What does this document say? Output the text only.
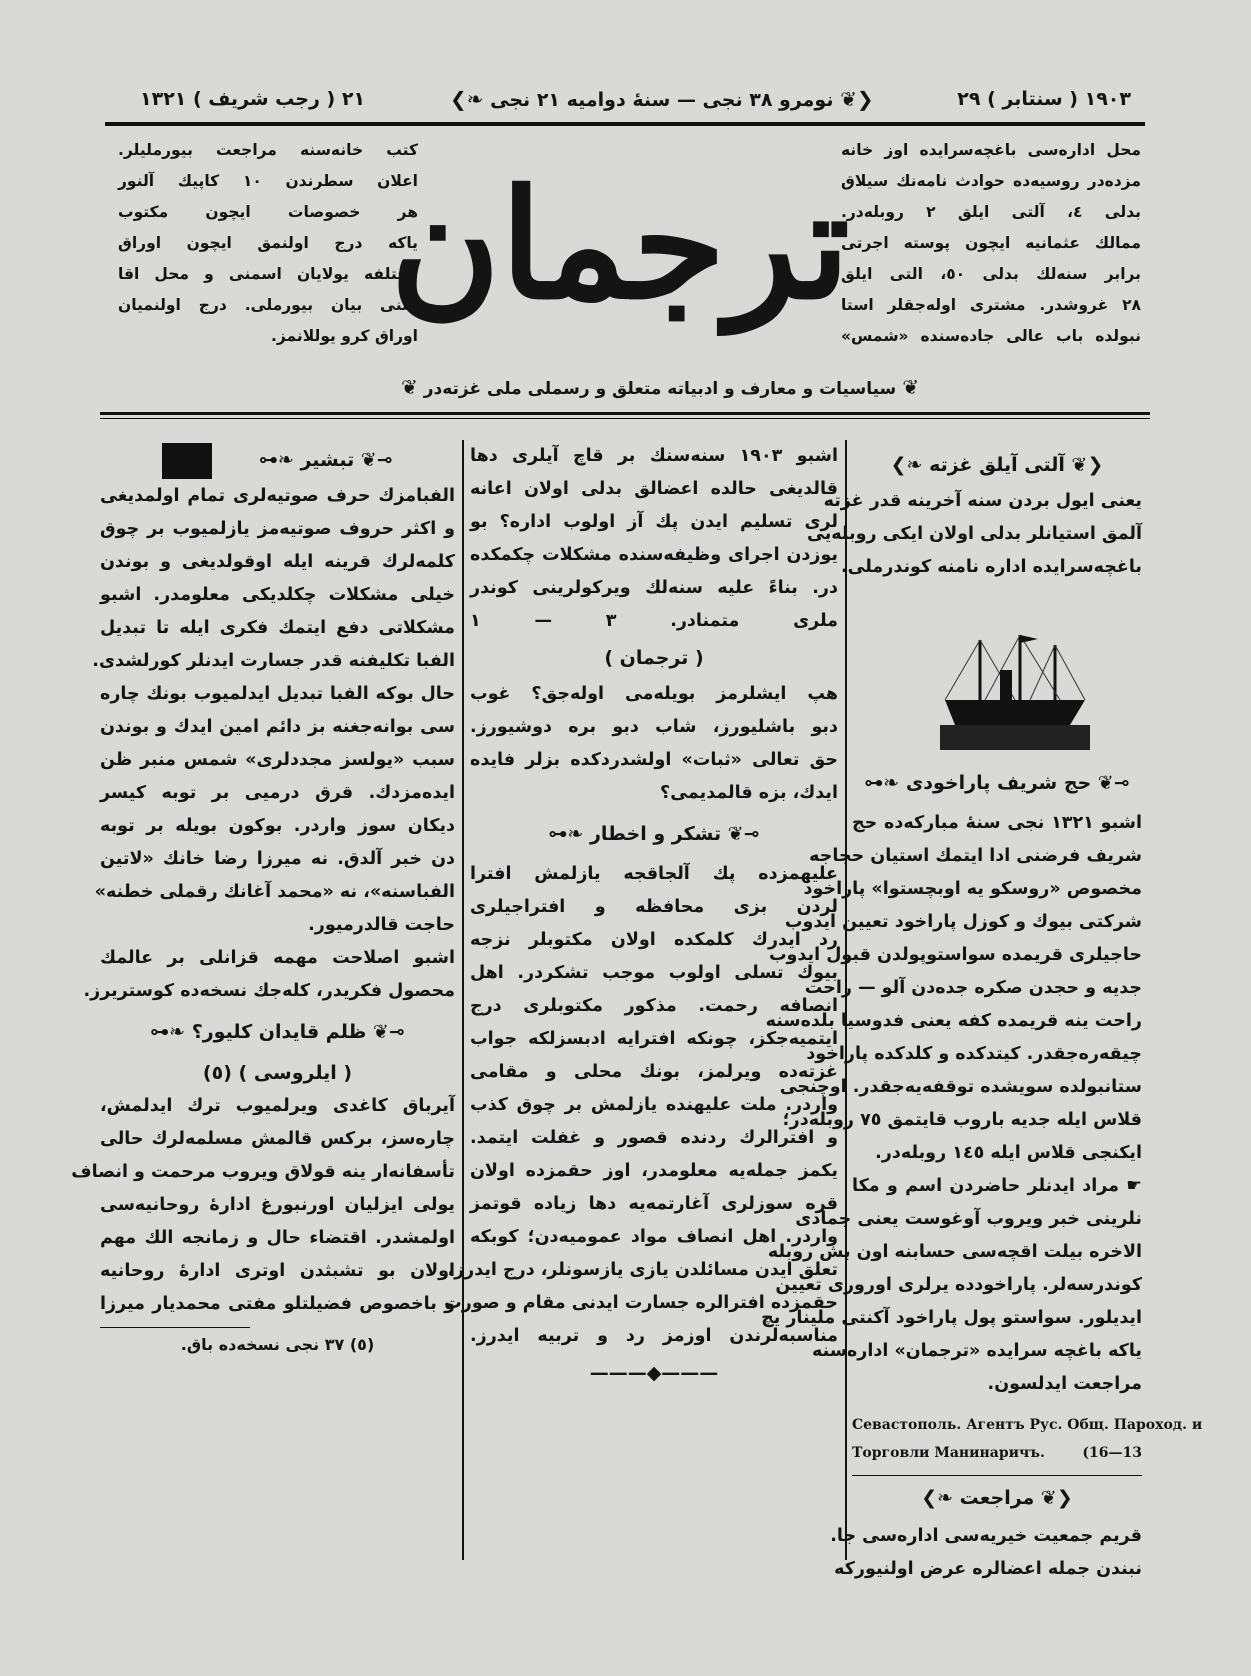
١٩٠٣ ( سنتابر ) ٢٩
❮❦ نومرو ٣٨ نجى — سنهٔ دوامیه ٢١ نجى ❧❯
٢١ ( رجب شریف ) ١٣٢١
محل ادارەسی باغچەسرایده اوز خانه
مزده‌در روسیه‌ده حوادث نامه‌نك سیلاق
بدلی ٤، آلتی ایلق ٢ روبله‌در.
ممالك عثمانیه ایچون پوسته اجرتی
برابر سنه‌لك بدلی ٥٠، التی ایلق
٢٨ غروشدر. مشتری اوله‌جقلر استا
نبولده باب عالی جاده‌سنده «شمس»
كتب خانه‌سنه مراجعت بیورمليلر.
اعلان سطرندن ١٠ كاپیك آلنور
هر خصوصات ایچون مكتوب
یاكه درج اولنمق ایچون اوراق
مختلفه یولایان اسمنی و محل اقا
متنی بیان بیورملی. درج اولنمیان
اوراق كرو یوللانمز.
ترجمان
❦ سیاسیات و معارف و ادبیاته متعلق و رسملى ملى غزته‌در ❦
❮❦ آلتی آیلق غزته ❧❯
یعنی ایول بردن سنه آخرینه قدر غزته
آلمق استیانلر بدلی اولان ایكی روبله‌یی
باغچه‌سرایده اداره نامنه كوندرملی.
⊸❦ حج شریف پاراخودی ❧⊷
اشبو ١٣٢١ نجی سنهٔ مباركه‌ده حج
شریف فرضنی ادا ایتمك استیان حجاجه
مخصوص «روسكو یه اوبچستوا» پاراخود
شركتی بیوك و كوزل پاراخود تعیین ایدوب
حاجیلری قریمده سواستوپولدن قبول ایدوب
جدیه و حجدن صكره جده‌دن آلو — راحت
راحت ینه قریمده كفه یعنی فدوسیا بلده‌سنه
چیقه‌ره‌جقدر. كیتدكده و كلدكده پاراخود
ستانبولده سویشده توقفه‌یه‌جقدر. اوچنجی
قلاس ایله جدیه باروب قایتمق ٧٥ روبله‌در؛
ایكنجی قلاس ایله ١٤٥ روبله‌در.
☛ مراد ایدنلر حاضردن اسم و مكا
نلرینی خبر ویروب آوغوست یعنی جمادی
الاخره بیلت اقچه‌سی حسابنه اون بش روبله
كوندرسه‌لر. پاراخودده یرلری اوروری تعیین
ایدیلور. سواستو پول پاراخود آكنتی ملینار یچ
یاكه باغچه سرایده «ترجمان» اداره‌سنه
مراجعت ایدلسون.
Севастополь. Агентъ Рус. Общ. Пароход. и
Торговли Манинаричъ.	(16—13
❮❦ مراجعت ❧❯
قریم جمعیت خیریه‌سی اداره‌سی جا.
نبندن جمله اعضالره عرض اولنیوركه
اشبو ١٩٠٣ سنه‌سنك بر قاچ آیلری دها
قالدیغی حالده اعضالق بدلی اولان اعانه
لری تسلیم ایدن پك آز اولوب اداره؟ بو
یوزدن اجرای وظیفه‌سنده مشكلات چكمكده
در. بناءً علیه سنه‌لك ویركولرینی كوندر
ملری متمنادر. ٣ — ١
( ترجمان )
هپ ایشلرمز بویله‌می اوله‌جق؟ غوب
دبو باشلیورز، شاب دبو بره دوشیورز.
حق تعالی «ثبات» اولشدردكده بزلر فایده
ایدك، بزه قالمدیمی؟
⊸❦ تشكر و اخطار ❧⊷
علیهمزده پك آلجاقجه یازلمش افترا
لردن بزی محافظه و افتراجیلری
رد ایدرك كلمكده اولان مكتوبلر نزجه
بیوك تسلی اولوب موجب تشكردر. اهل
انصافه رحمت. مذكور مكتوبلری درج
ایتمیه‌جكز، چونكه افترایه ادبسزلكه جواب
غزته‌ده ویرلمز، بونك محلی و مقامی
واردر. ملت علیهنده یازلمش بر چوق كذب
و افترالرك ردنده قصور و غفلت ایتمد.
یكمز جمله‌یه معلومدر، اوز حقمزده اولان
قره سوزلری آغارتمه‌یه دها زیاده قوتمز
واردر. اهل انصاف مواد عمومیه‌دن؛ كوبكه
تعلق ایدن مسائلدن یازی یازسونلر، درج ایدرز،
حقمزده افترالره جسارت ایدنی مقام و صورت
مناسبه‌لرندن اوزمز رد و تربیه ایدرز.
———◆———
⊸❦ تبشیر ❧⊷
الفبامزك حرف صوتیه‌لری تمام اولمدیغی
و اكثر حروف صوتیه‌مز یازلمیوب بر چوق
كلمه‌لرك قرینه ایله اوقولدیغی و بوندن
خیلی مشكلات چكلدیكی معلومدر. اشبو
مشكلاتی دفع ایتمك فكری ایله تا تبدیل
الفبا تكلیفنه قدر جسارت ایدنلر كورلشدی.
حال بوكه الفبا تبدیل ایدلمیوب بونك چاره
سی بوانه‌جغنه بز دائم امین ایدك و بوندن
سبب «یولسز مجددلری» شمس منبر ظن
ایده‌مزدك. قرق درمیی بر توبه كیسر
دیكان سوز واردر. بوكون بویله بر توبه
دن خبر آلدق. نه میرزا رضا خانك «لاتین
الفباسنه»، نه «محمد آغانك رقملی خطنه»
حاجت قالدرمیور.
اشبو اصلاحت مهمه قزانلی بر عالمك
محصول فكریدر، كله‌جك نسخه‌ده كوستریرز.
⊸❦ ظلم قایدان كلیور؟ ❧⊷
( ایلروسی ) (٥)
آیرباق كاغدی ویرلمیوب ترك ایدلمش،
چاره‌سز، بركس قالمش مسلمه‌لرك حالی
تأسفانه‌ار ینه قولاق ویروب مرحمت و انصاف
یولی ایزلیان اورنبورغ ادارهٔ روحانیه‌سی
اولمشدر. اقتضاء حال و زمانجه الك مهم
اولان بو تشبثدن اوتری ادارهٔ روحانیه
و باخصوص فضیلتلو مفتی محمدیار میرزا
(٥) ٣٧ نجی نسخه‌ده باق.
